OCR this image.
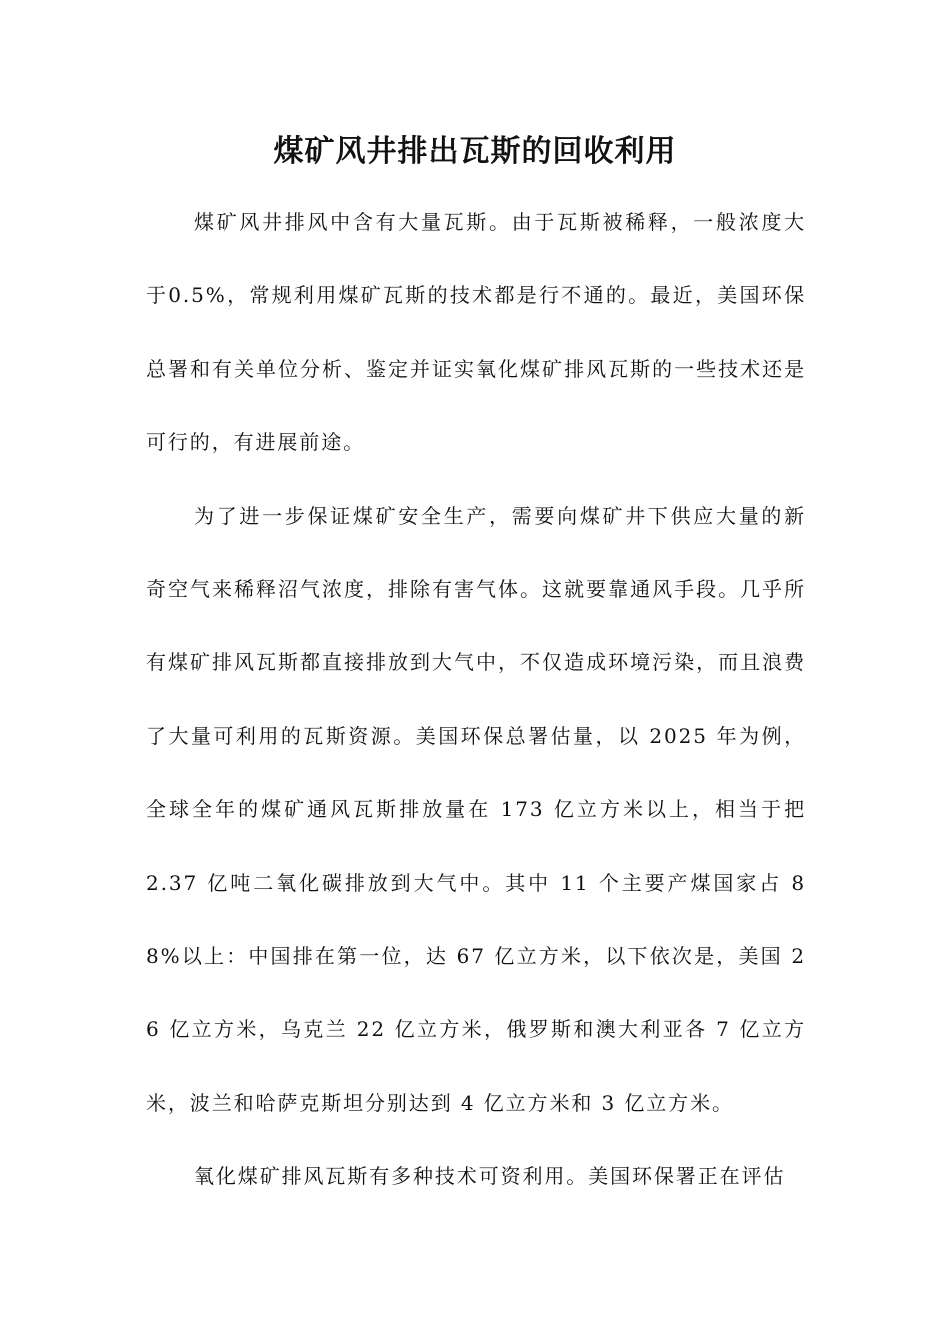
煤矿风井排出瓦斯的回收利用

煤矿风井排风中含有大量瓦斯。由于瓦斯被稀释，一般浓度大于0.5%，常规利用煤矿瓦斯的技术都是行不通的。最近，美国环保总署和有关单位分析、鉴定并证实氧化煤矿排风瓦斯的一些技术还是可行的，有进展前途。

为了进一步保证煤矿安全生产，需要向煤矿井下供应大量的新奇空气来稀释沼气浓度，排除有害气体。这就要靠通风手段。几乎所有煤矿排风瓦斯都直接排放到大气中，不仅造成环境污染，而且浪费了大量可利用的瓦斯资源。美国环保总署估量，以 2025 年为例，全球全年的煤矿通风瓦斯排放量在 173 亿立方米以上，相当于把 2.37 亿吨二氧化碳排放到大气中。其中 11 个主要产煤国家占 88%以上：中国排在第一位，达 67 亿立方米，以下依次是，美国 26 亿立方米，乌克兰 22 亿立方米，俄罗斯和澳大利亚各 7 亿立方米，波兰和哈萨克斯坦分别达到 4 亿立方米和 3 亿立方米。

氧化煤矿排风瓦斯有多种技术可资利用。美国环保署正在评估
